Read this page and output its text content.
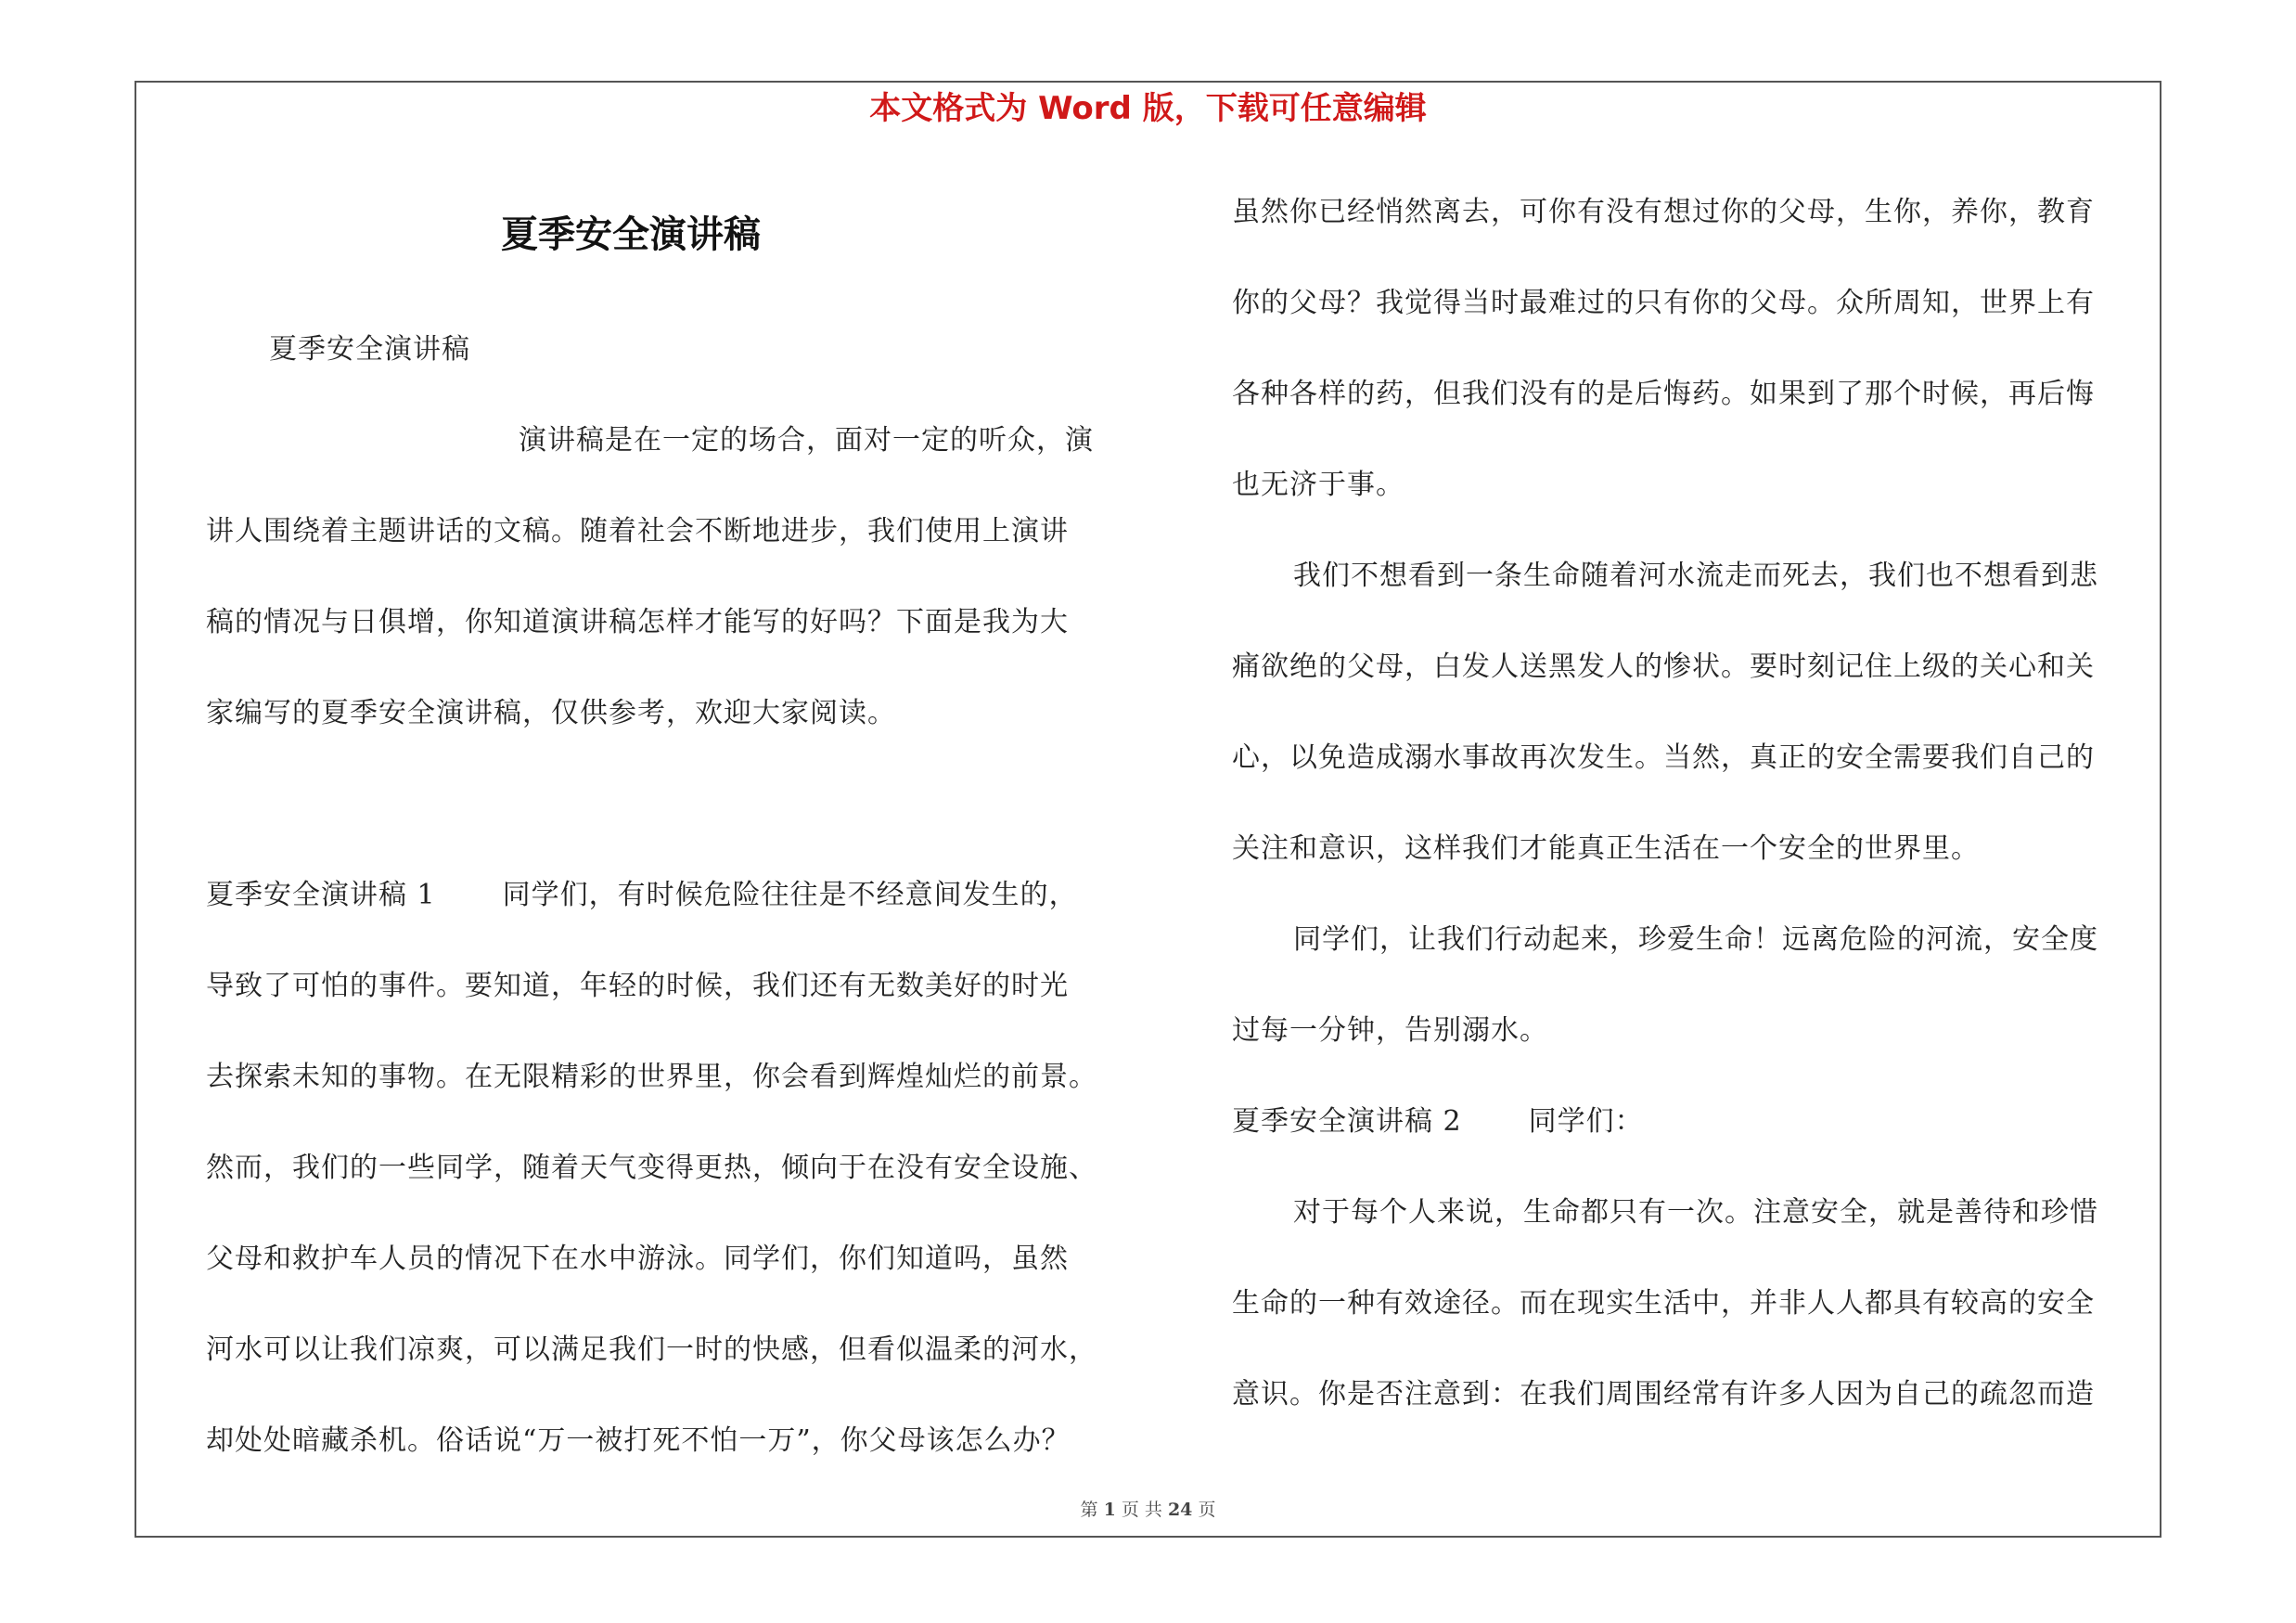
本文格式为 Word 版，下载可任意编辑
夏季安全演讲稿
夏季安全演讲稿
演讲稿是在一定的场合，面对一定的听众，演
讲人围绕着主题讲话的文稿。随着社会不断地进步，我们使用上演讲
稿的情况与日俱增，你知道演讲稿怎样才能写的好吗？下面是我为大
家编写的夏季安全演讲稿，仅供参考，欢迎大家阅读。
夏季安全演讲稿 1 同学们，有时候危险往往是不经意间发生的，
导致了可怕的事件。要知道，年轻的时候，我们还有无数美好的时光
去探索未知的事物。在无限精彩的世界里，你会看到辉煌灿烂的前景。
然而，我们的一些同学，随着天气变得更热，倾向于在没有安全设施、
父母和救护车人员的情况下在水中游泳。同学们，你们知道吗，虽然
河水可以让我们凉爽，可以满足我们一时的快感，但看似温柔的河水，
却处处暗藏杀机。俗话说“万一被打死不怕一万”，你父母该怎么办？
虽然你已经悄然离去，可你有没有想过你的父母，生你，养你，教育
你的父母？我觉得当时最难过的只有你的父母。众所周知，世界上有
各种各样的药，但我们没有的是后悔药。如果到了那个时候，再后悔
也无济于事。
我们不想看到一条生命随着河水流走而死去，我们也不想看到悲
痛欲绝的父母，白发人送黑发人的惨状。要时刻记住上级的关心和关
心，以免造成溺水事故再次发生。当然，真正的安全需要我们自己的
关注和意识，这样我们才能真正生活在一个安全的世界里。
同学们，让我们行动起来，珍爱生命！远离危险的河流，安全度
过每一分钟，告别溺水。
夏季安全演讲稿 2 同学们：
对于每个人来说，生命都只有一次。注意安全，就是善待和珍惜
生命的一种有效途径。而在现实生活中，并非人人都具有较高的安全
意识。你是否注意到：在我们周围经常有许多人因为自己的疏忽而造
第 1 页 共 24 页
